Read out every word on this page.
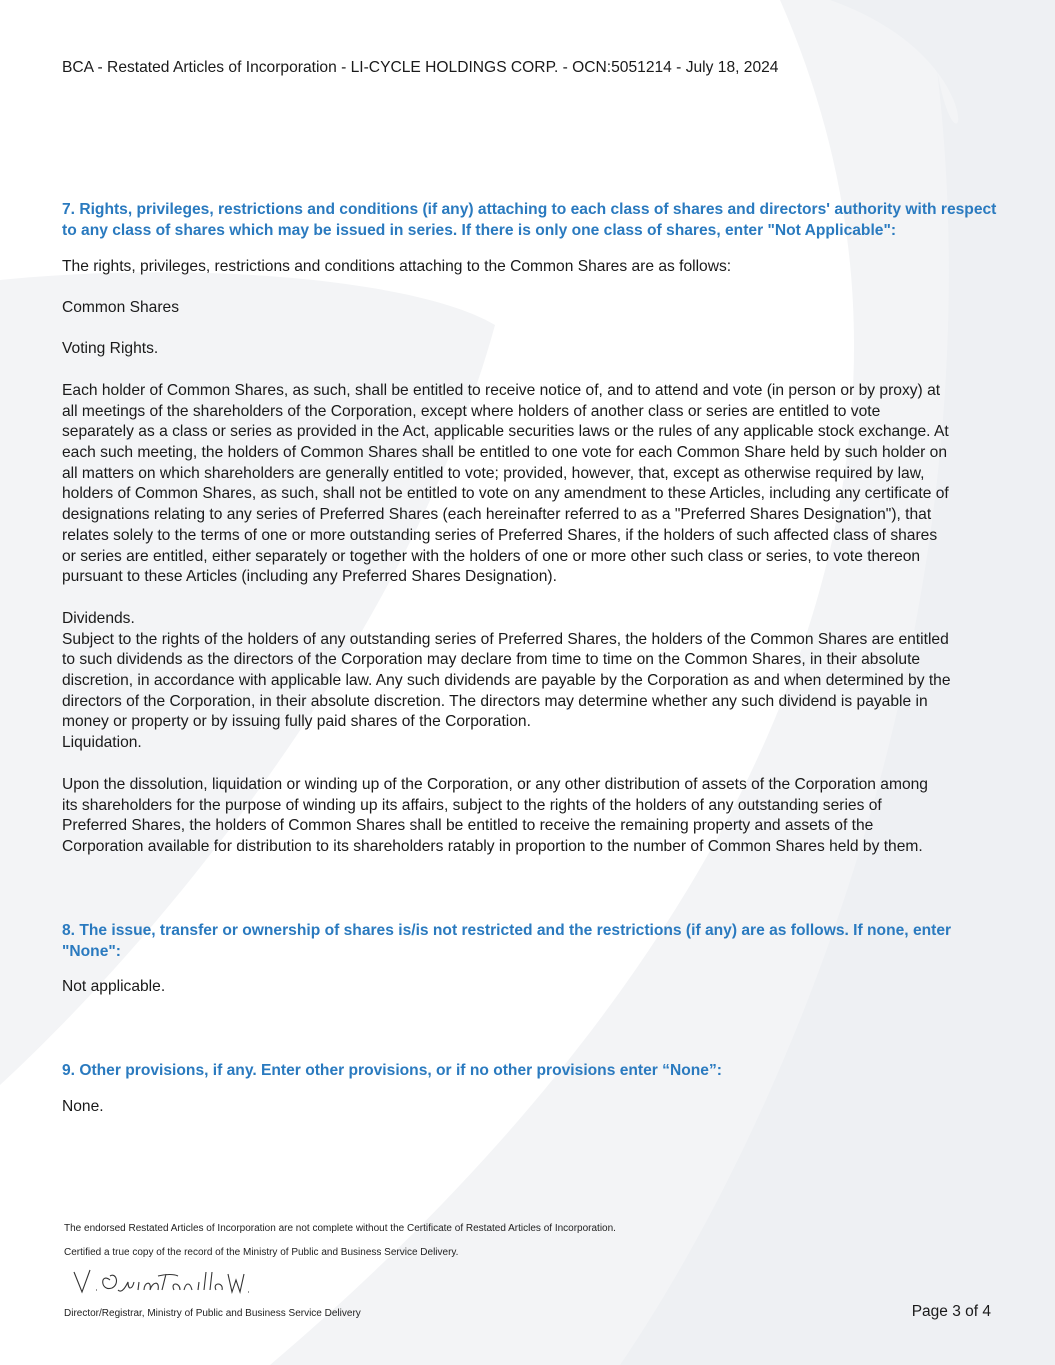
BCA - Restated Articles of Incorporation - LI-CYCLE HOLDINGS CORP. - OCN:5051214 - July 18, 2024
7. Rights, privileges, restrictions and conditions (if any) attaching to each class of shares and directors' authority with respect
to any class of shares which may be issued in series. If there is only one class of shares, enter "Not Applicable":
The rights, privileges, restrictions and conditions attaching to the Common Shares are as follows:
Common Shares
Voting Rights.
Each holder of Common Shares, as such, shall be entitled to receive notice of, and to attend and vote (in person or by proxy) at
all meetings of the shareholders of the Corporation, except where holders of another class or series are entitled to vote
separately as a class or series as provided in the Act, applicable securities laws or the rules of any applicable stock exchange. At
each such meeting, the holders of Common Shares shall be entitled to one vote for each Common Share held by such holder on
all matters on which shareholders are generally entitled to vote; provided, however, that, except as otherwise required by law,
holders of Common Shares, as such, shall not be entitled to vote on any amendment to these Articles, including any certificate of
designations relating to any series of Preferred Shares (each hereinafter referred to as a "Preferred Shares Designation"), that
relates solely to the terms of one or more outstanding series of Preferred Shares, if the holders of such affected class of shares
or series are entitled, either separately or together with the holders of one or more other such class or series, to vote thereon
pursuant to these Articles (including any Preferred Shares Designation).
Dividends.
Subject to the rights of the holders of any outstanding series of Preferred Shares, the holders of the Common Shares are entitled
to such dividends as the directors of the Corporation may declare from time to time on the Common Shares, in their absolute
discretion, in accordance with applicable law. Any such dividends are payable by the Corporation as and when determined by the
directors of the Corporation, in their absolute discretion. The directors may determine whether any such dividend is payable in
money or property or by issuing fully paid shares of the Corporation.
Liquidation.
Upon the dissolution, liquidation or winding up of the Corporation, or any other distribution of assets of the Corporation among
its shareholders for the purpose of winding up its affairs, subject to the rights of the holders of any outstanding series of
Preferred Shares, the holders of Common Shares shall be entitled to receive the remaining property and assets of the
Corporation available for distribution to its shareholders ratably in proportion to the number of Common Shares held by them.
8. The issue, transfer or ownership of shares is/is not restricted and the restrictions (if any) are as follows. If none, enter
"None":
Not applicable.
9. Other provisions, if any. Enter other provisions, or if no other provisions enter “None”:
None.
The endorsed Restated Articles of Incorporation are not complete without the Certificate of Restated Articles of Incorporation.
Certified a true copy of the record of the Ministry of Public and Business Service Delivery.
Director/Registrar, Ministry of Public and Business Service Delivery	Page 3 of 4
